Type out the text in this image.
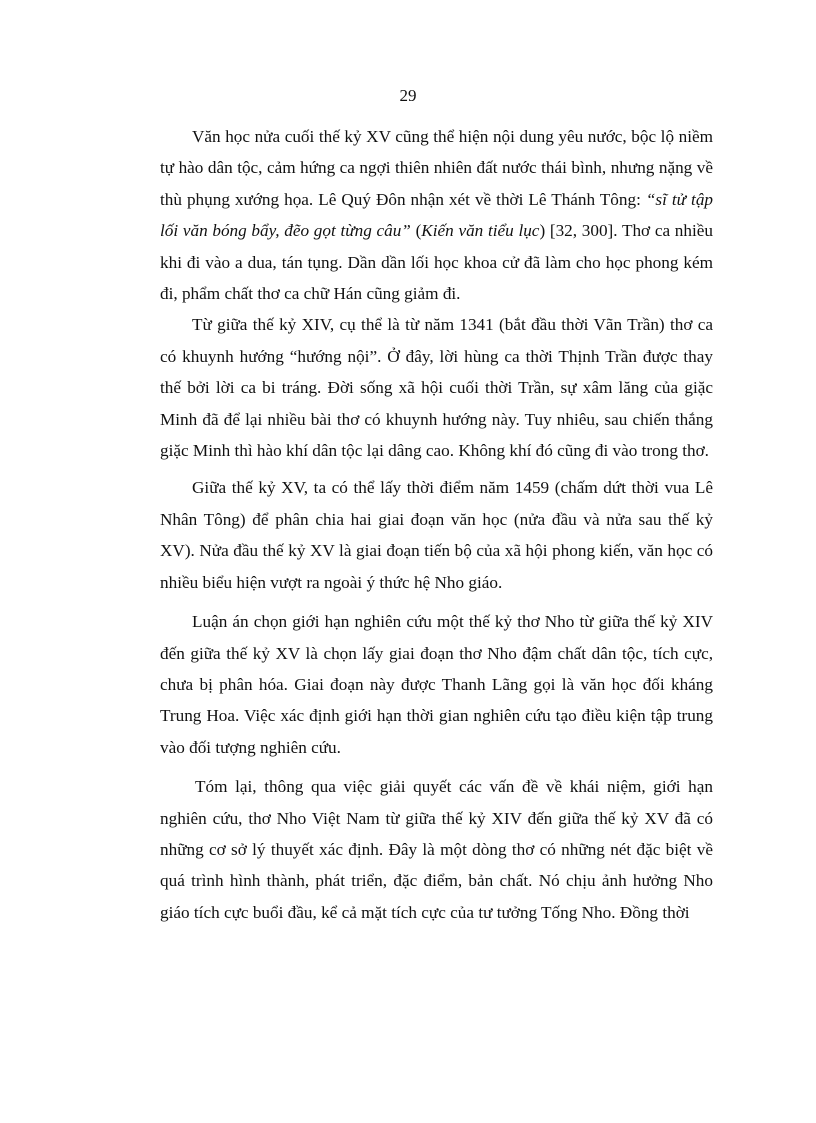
29

Văn học nửa cuối thế kỷ XV cũng thể hiện nội dung yêu nước, bộc lộ niềm tự hào dân tộc, cảm hứng ca ngợi thiên nhiên đất nước thái bình, nhưng nặng về thù phụng xướng họa. Lê Quý Đôn nhận xét về thời Lê Thánh Tông: “sĩ tử tập lối văn bóng bẩy, đẽo gọt từng câu” (Kiến văn tiểu lục) [32, 300]. Thơ ca nhiều khi đi vào a dua, tán tụng. Dần dần lối học khoa cử đã làm cho học phong kém đi, phẩm chất thơ ca chữ Hán cũng giảm đi.

Từ giữa thế kỷ XIV, cụ thể là từ năm 1341 (bắt đầu thời Vãn Trần) thơ ca có khuynh hướng “hướng nội”. Ở đây, lời hùng ca thời Thịnh Trần được thay thế bởi lời ca bi tráng. Đời sống xã hội cuối thời Trần, sự xâm lăng của giặc Minh đã để lại nhiều bài thơ có khuynh hướng này. Tuy nhiêu, sau chiến thắng giặc Minh thì hào khí dân tộc lại dâng cao. Không khí đó cũng đi vào trong thơ.

Giữa thế kỷ XV, ta có thể lấy thời điểm năm 1459 (chấm dứt thời vua Lê Nhân Tông) để phân chia hai giai đoạn văn học (nửa đầu và nửa sau thế kỷ XV). Nửa đầu thế kỷ XV là giai đoạn tiến bộ của xã hội phong kiến, văn học có nhiều biểu hiện vượt ra ngoài ý thức hệ Nho giáo.

Luận án chọn giới hạn nghiên cứu một thế kỷ thơ Nho từ giữa thế kỷ XIV đến giữa thế kỷ XV là chọn lấy giai đoạn thơ Nho đậm chất dân tộc, tích cực, chưa bị phân hóa. Giai đoạn này được Thanh Lãng gọi là văn học đối kháng Trung Hoa. Việc xác định giới hạn thời gian nghiên cứu tạo điều kiện tập trung vào đối tượng nghiên cứu.

Tóm lại, thông qua việc giải quyết các vấn đề về khái niệm, giới hạn nghiên cứu, thơ Nho Việt Nam từ giữa thế kỷ XIV đến giữa thế kỷ XV đã có những cơ sở lý thuyết xác định. Đây là một dòng thơ có những nét đặc biệt về quá trình hình thành, phát triển, đặc điểm, bản chất. Nó chịu ảnh hưởng Nho giáo tích cực buổi đầu, kể cả mặt tích cực của tư tưởng Tống Nho. Đồng thời
